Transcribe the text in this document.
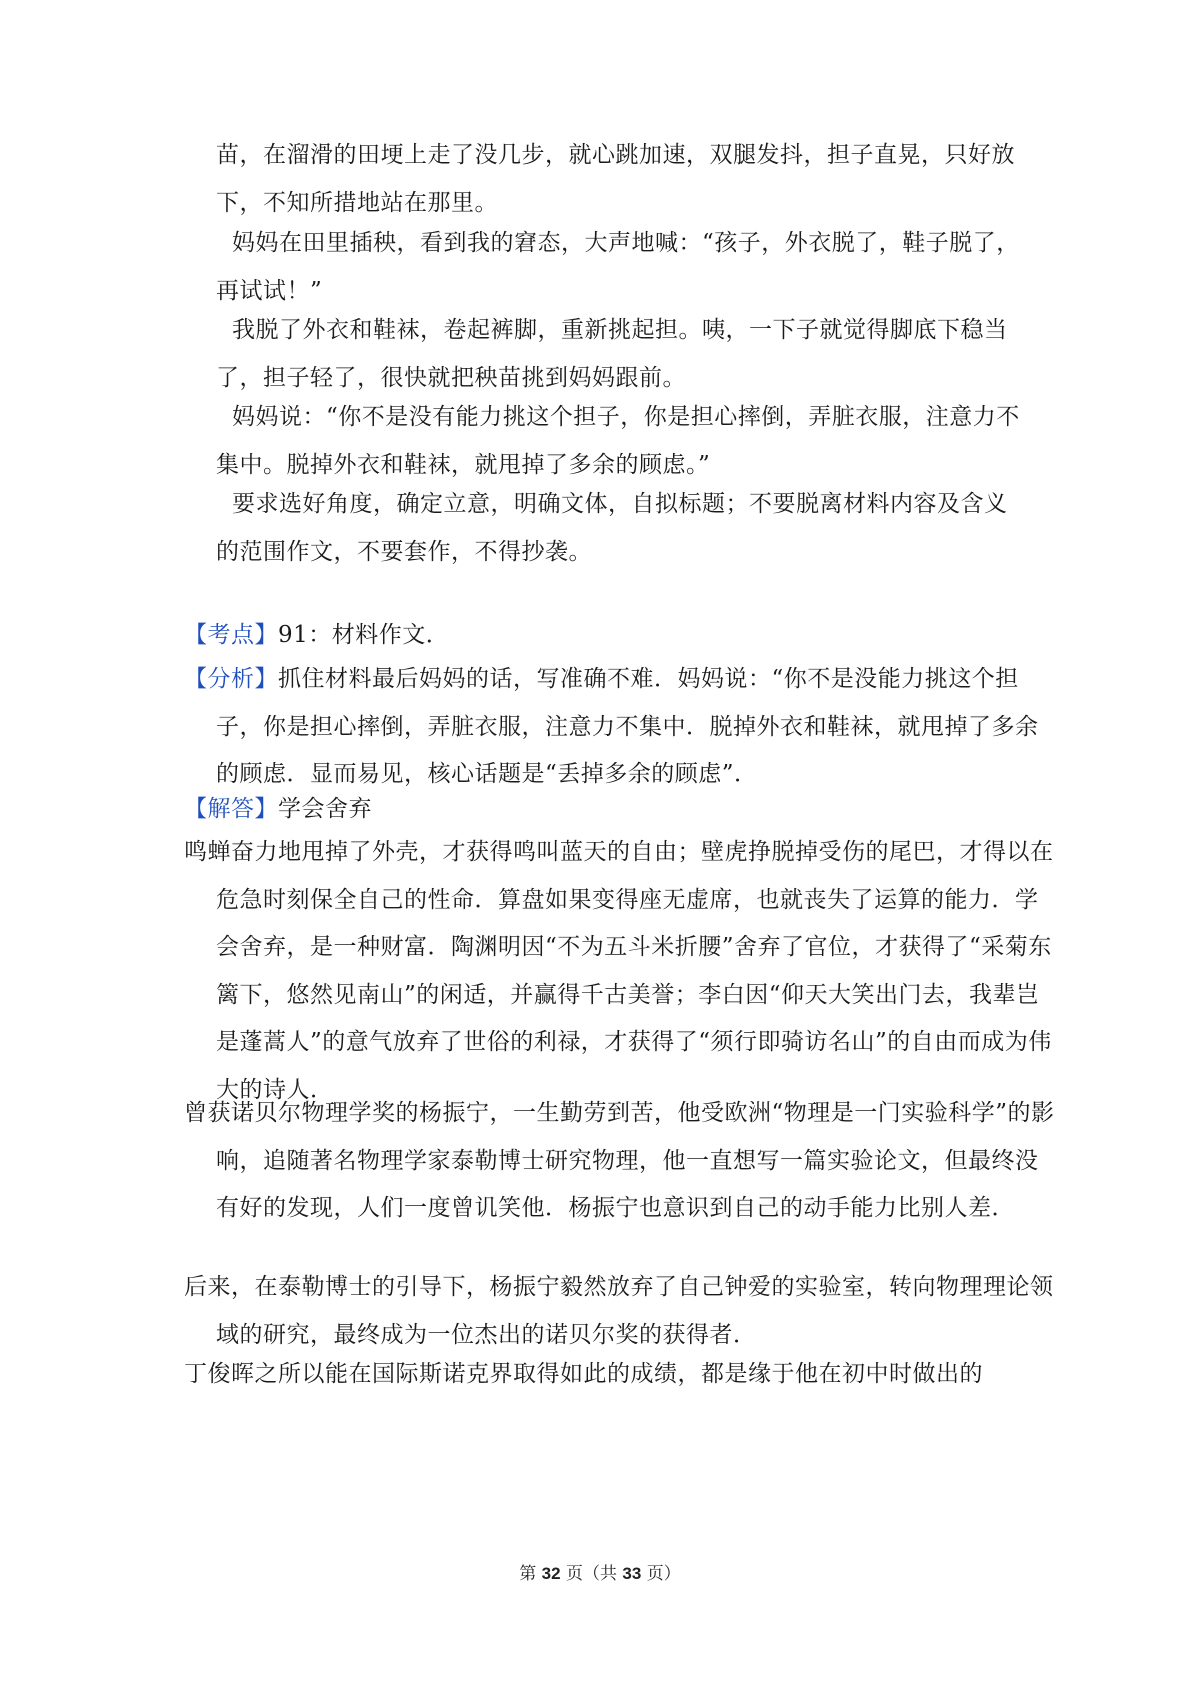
苗，在溜滑的田埂上走了没几步，就心跳加速，双腿发抖，担子直晃，只好放下，不知所措地站在那里。

妈妈在田里插秧，看到我的窘态，大声地喊：“孩子，外衣脱了，鞋子脱了，再试试！”

我脱了外衣和鞋袜，卷起裤脚，重新挑起担。咦，一下子就觉得脚底下稳当了，担子轻了，很快就把秧苗挑到妈妈跟前。

妈妈说：“你不是没有能力挑这个担子，你是担心摔倒，弄脏衣服，注意力不集中。脱掉外衣和鞋袜，就甩掉了多余的顾虑。”

要求选好角度，确定立意，明确文体，自拟标题；不要脱离材料内容及含义的范围作文，不要套作，不得抄袭。

【考点】91：材料作文．

【分析】抓住材料最后妈妈的话，写准确不难．妈妈说：“你不是没能力挑这个担子，你是担心摔倒，弄脏衣服，注意力不集中．脱掉外衣和鞋袜，就甩掉了多余的顾虑．显而易见，核心话题是“丢掉多余的顾虑”．

【解答】学会舍弃

鸣蝉奋力地甩掉了外壳，才获得鸣叫蓝天的自由；壁虎挣脱掉受伤的尾巴，才得以在危急时刻保全自己的性命．算盘如果变得座无虚席，也就丧失了运算的能力．学会舍弃，是一种财富．陶渊明因“不为五斗米折腰”舍弃了官位，才获得了“采菊东篱下，悠然见南山”的闲适，并赢得千古美誉；李白因“仰天大笑出门去，我辈岂是蓬蒿人”的意气放弃了世俗的利禄，才获得了“须行即骑访名山”的自由而成为伟大的诗人．

曾获诺贝尔物理学奖的杨振宁，一生勤劳到苦，他受欧洲“物理是一门实验科学”的影响，追随著名物理学家泰勒博士研究物理，他一直想写一篇实验论文，但最终没有好的发现，人们一度曾讥笑他．杨振宁也意识到自己的动手能力比别人差．

后来，在泰勒博士的引导下，杨振宁毅然放弃了自己钟爱的实验室，转向物理理论领域的研究，最终成为一位杰出的诺贝尔奖的获得者．

丁俊晖之所以能在国际斯诺克界取得如此的成绩，都是缘于他在初中时做出的

第 32 页（共 33 页）
